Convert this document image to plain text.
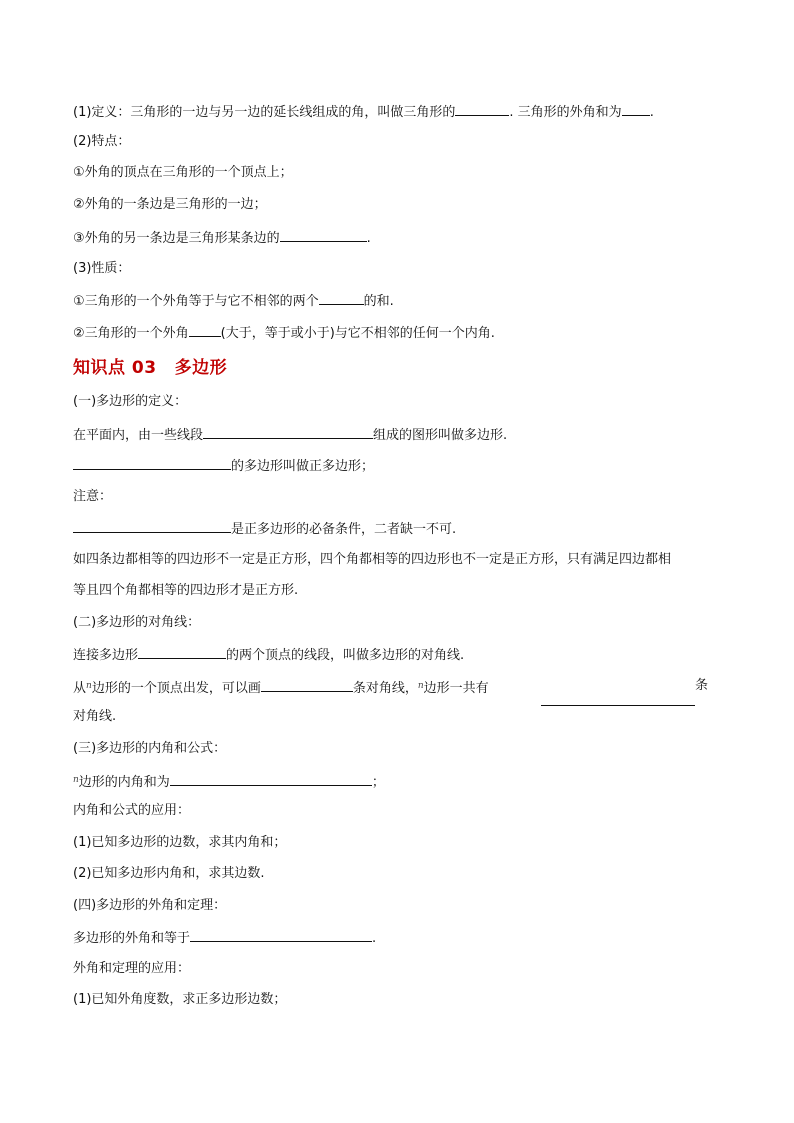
(1)定义：三角形的一边与另一边的延长线组成的角，叫做三角形的	. 三角形的外角和为 .
(2)特点：
①外角的顶点在三角形的一个顶点上；
②外角的一条边是三角形的一边；
③外角的另一条边是三角形某条边的	.
(3)性质：
①三角形的一个外角等于与它不相邻的两个	的和.
②三角形的一个外角 (大于，等于或小于)与它不相邻的任何一个内角.
知识点 03 多边形
(一)多边形的定义：
在平面内，由一些线段	组成的图形叫做多边形.
的多边形叫做正多边形；
注意：
是正多边形的必备条件，二者缺一不可.
如四条边都相等的四边形不一定是正方形，四个角都相等的四边形也不一定是正方形，只有满足四边都相
等且四个角都相等的四边形才是正方形.
(二)多边形的对角线：
连接多边形	的两个顶点的线段，叫做多边形的对角线.
从$^n$边形的一个顶点出发，可以画	条对角线，$^n$边形一共有	条
对角线.
(三)多边形的内角和公式：
$^n$边形的内角和为	；
内角和公式的应用：
(1)已知多边形的边数，求其内角和；
(2)已知多边形内角和，求其边数.
(四)多边形的外角和定理：
多边形的外角和等于	.
外角和定理的应用：
(1)已知外角度数，求正多边形边数；
